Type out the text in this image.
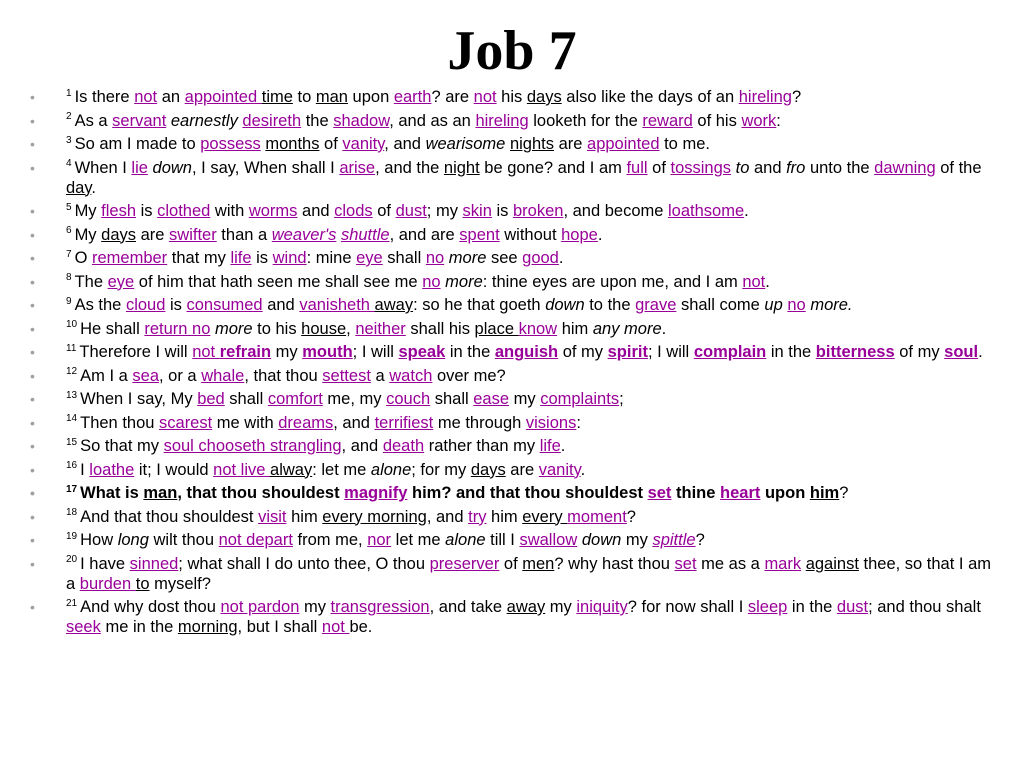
Job 7
•	$^1$ Is there not an appointed time to man upon earth? are not his days also like the days of an hireling?
•	$^2$ As a servant earnestly desireth the shadow, and as an hireling looketh for the reward of his work:
•	$^3$ So am I made to possess months of vanity, and wearisome nights are appointed to me.
•	$^4$ When I lie down, I say, When shall I arise, and the night be gone? and I am full of tossings to and fro unto the dawning of the day.
•	$^5$ My flesh is clothed with worms and clods of dust; my skin is broken, and become loathsome.
•	$^6$ My days are swifter than a weaver's shuttle, and are spent without hope.
•	$^7$ O remember that my life is wind: mine eye shall no more see good.
•	$^8$ The eye of him that hath seen me shall see me no more: thine eyes are upon me, and I am not.
•	$^9$ As the cloud is consumed and vanisheth away: so he that goeth down to the grave shall come up no more.
•	$^{10}$ He shall return no more to his house, neither shall his place know him any more.
•	$^{11}$ Therefore I will not refrain my mouth; I will speak in the anguish of my spirit; I will complain in the bitterness of my soul.
•	$^{12}$ Am I a sea, or a whale, that thou settest a watch over me?
•	$^{13}$ When I say, My bed shall comfort me, my couch shall ease my complaints;
•	$^{14}$ Then thou scarest me with dreams, and terrifiest me through visions:
•	$^{15}$ So that my soul chooseth strangling, and death rather than my life.
•	$^{16}$ I loathe it; I would not live alway: let me alone; for my days are vanity.
•	$^{17}$ What is man, that thou shouldest magnify him? and that thou shouldest set thine heart upon him?
•	$^{18}$ And that thou shouldest visit him every morning, and try him every moment?
•	$^{19}$ How long wilt thou not depart from me, nor let me alone till I swallow down my spittle?
•	$^{20}$ I have sinned; what shall I do unto thee, O thou preserver of men? why hast thou set me as a mark against thee, so that I am a burden to myself?
•	$^{21}$ And why dost thou not pardon my transgression, and take away my iniquity? for now shall I sleep in the dust; and thou shalt seek me in the morning, but I shall not be.
